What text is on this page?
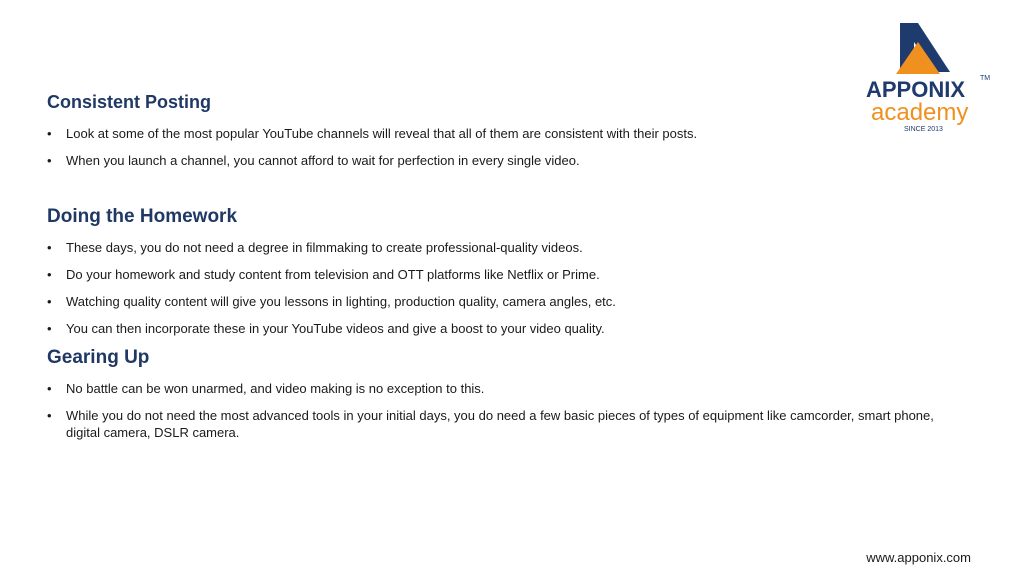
APPONIX TM
academy
SINCE 2013
Consistent Posting
• Look at some of the most popular YouTube channels will reveal that all of them are consistent with their posts.
• When you launch a channel, you cannot afford to wait for perfection in every single video.
Doing the Homework
• These days, you do not need a degree in filmmaking to create professional-quality videos.
• Do your homework and study content from television and OTT platforms like Netflix or Prime.
• Watching quality content will give you lessons in lighting, production quality, camera angles, etc.
• You can then incorporate these in your YouTube videos and give a boost to your video quality.
Gearing Up
• No battle can be won unarmed, and video making is no exception to this.
• While you do not need the most advanced tools in your initial days, you do need a few basic pieces of types of equipment like camcorder, smart phone, digital camera, DSLR camera.
www.apponix.com
